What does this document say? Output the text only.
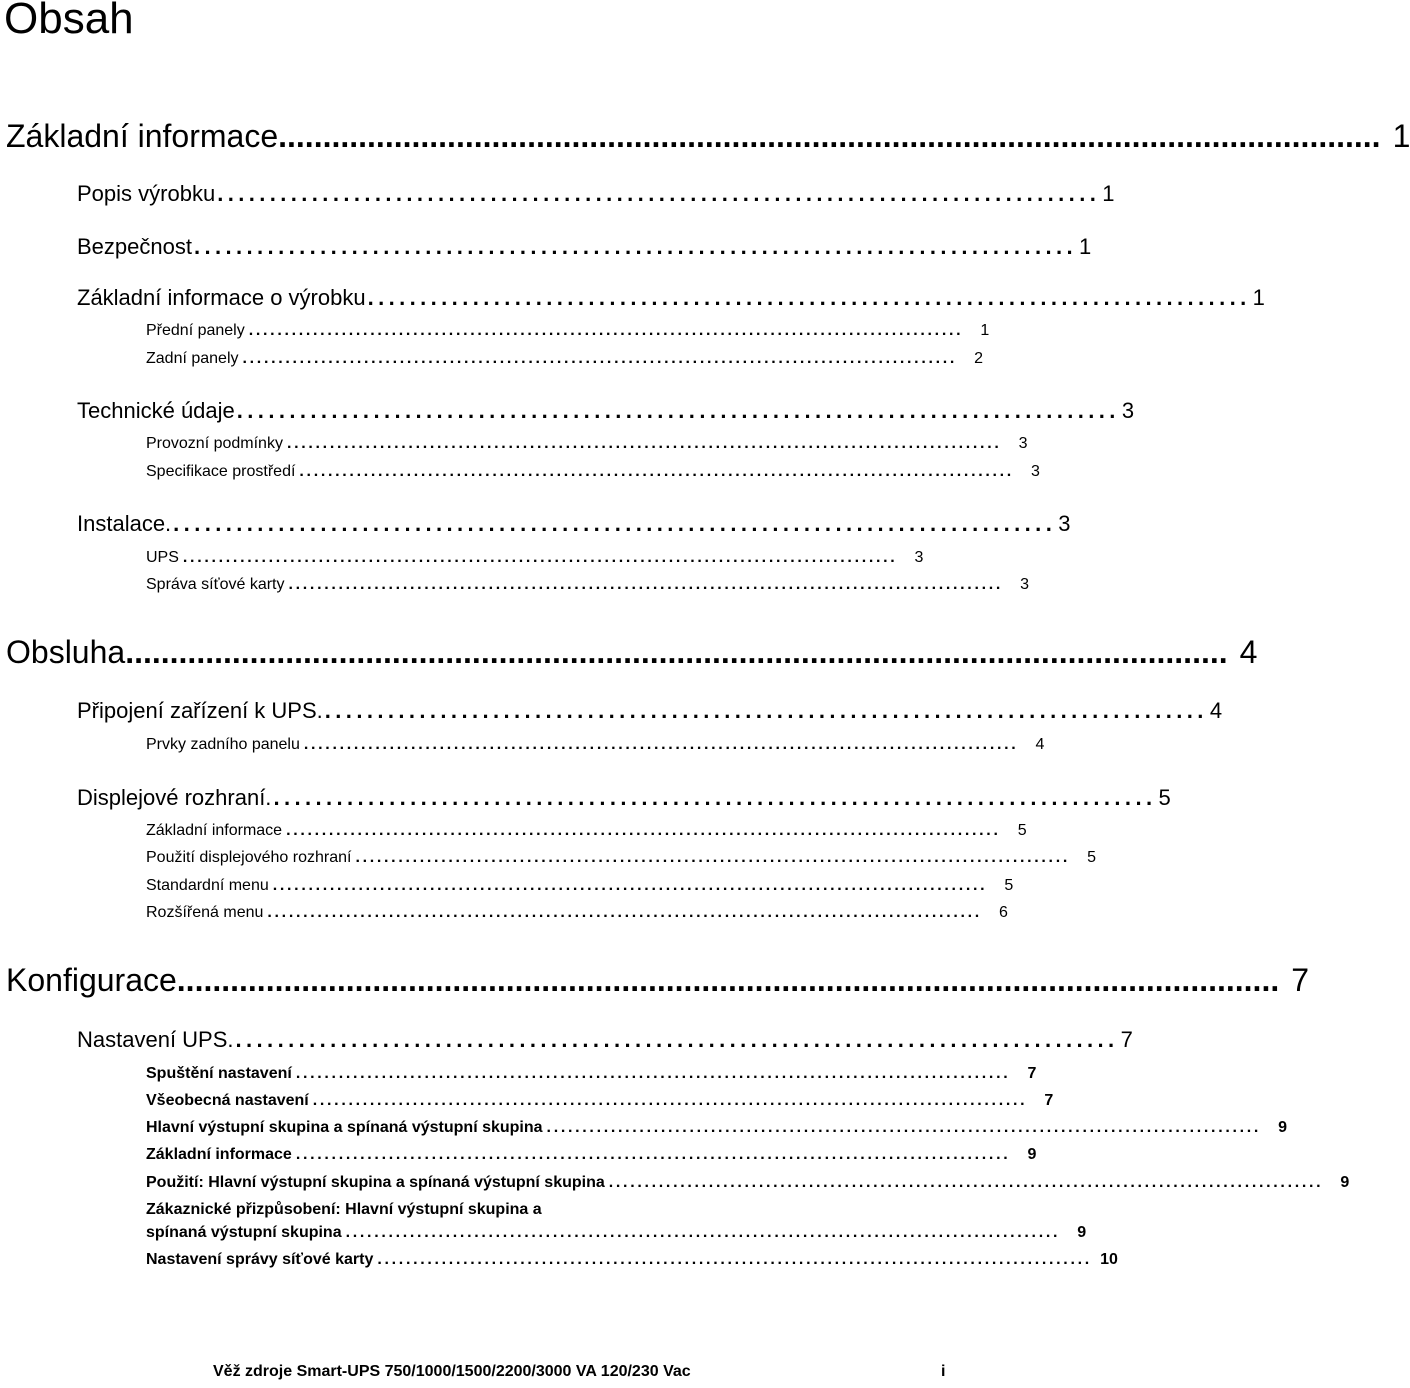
Obsah
Základní informace ............................................................................................................................ 1
Popis výrobku .................................................................................... 1
Bezpečnost .................................................................................... 1
Základní informace o výrobku .................................................................................... 1
Přední panely ....................................................................................................	1
Zadní panely ....................................................................................................	2
Technické údaje .................................................................................... 3
Provozní podmínky ....................................................................................................	3
Specifikace prostředí ....................................................................................................	3
Instalace. .................................................................................... 3
UPS ....................................................................................................	3
Správa síťové karty ....................................................................................................	3
Obsluha ............................................................................................................................ 4
Připojení zařízení k UPS. .................................................................................... 4
Prvky zadního panelu ....................................................................................................	4
Displejové rozhraní. .................................................................................... 5
Základní informace ....................................................................................................	5
Použití displejového rozhraní ....................................................................................................	5
Standardní menu ....................................................................................................	5
Rozšířená menu ....................................................................................................	6
Konfigurace ............................................................................................................................ 7
Nastavení UPS. .................................................................................... 7
Spuštění nastavení ....................................................................................................	7
Všeobecná nastavení ....................................................................................................	7
Hlavní výstupní skupina a spínaná výstupní skupina ....................................................................................................	9
Základní informace ....................................................................................................	9
Použití: Hlavní výstupní skupina a spínaná výstupní skupina ....................................................................................................	9
Zákaznické přizpůsobení: Hlavní výstupní skupina a
spínaná výstupní skupina ....................................................................................................	9
Nastavení správy síťové karty .................................................................................................... 10
Věž zdroje Smart-UPS 750/1000/1500/2200/3000 VA 120/230 Vac	i
